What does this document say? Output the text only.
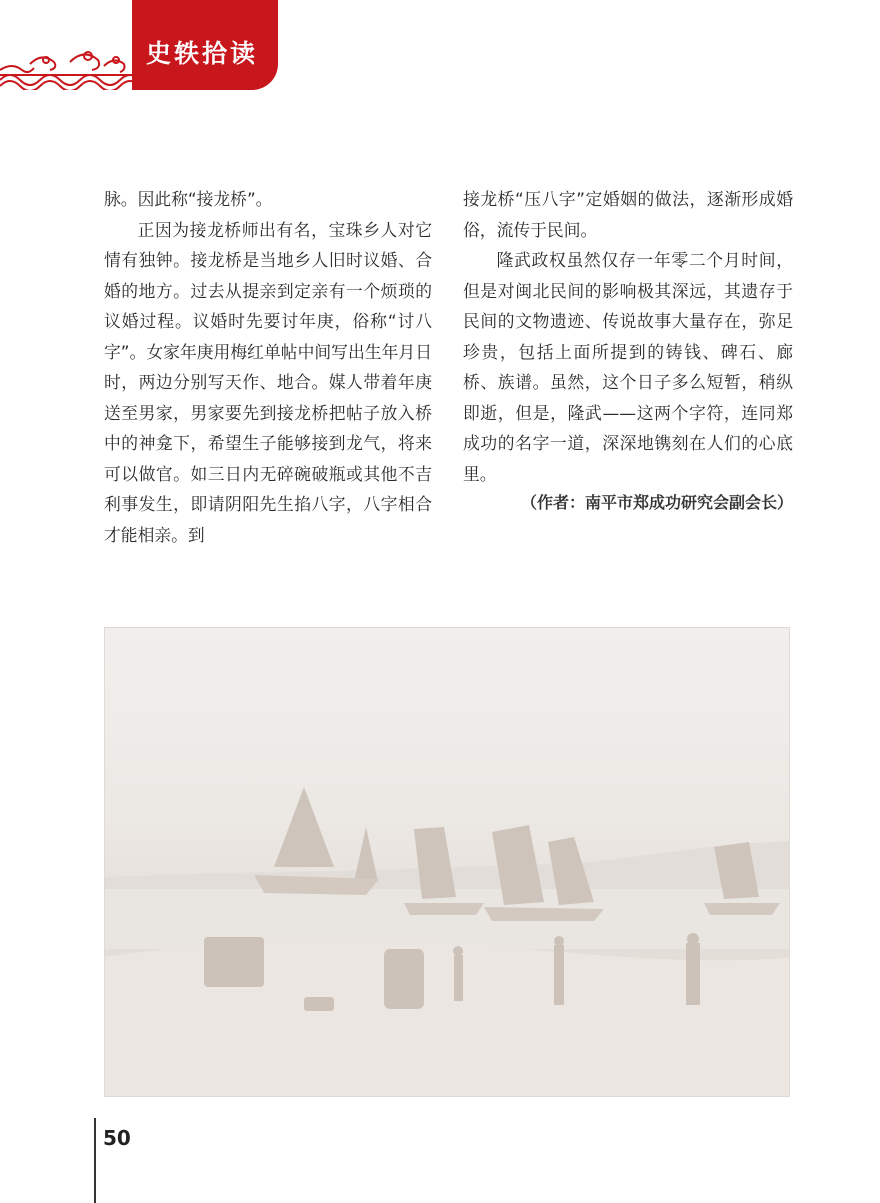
史轶拾读

脉。因此称“接龙桥”。

正因为接龙桥师出有名，宝珠乡人对它情有独钟。接龙桥是当地乡人旧时议婚、合婚的地方。过去从提亲到定亲有一个烦琐的议婚过程。议婚时先要讨年庚，俗称“讨八字”。女家年庚用梅红单帖中间写出生年月日时，两边分别写天作、地合。媒人带着年庚送至男家，男家要先到接龙桥把帖子放入桥中的神龛下，希望生子能够接到龙气，将来可以做官。如三日内无碎碗破瓶或其他不吉利事发生，即请阴阳先生掐八字，八字相合才能相亲。到

接龙桥“压八字”定婚姻的做法，逐渐形成婚俗，流传于民间。

隆武政权虽然仅存一年零二个月时间，但是对闽北民间的影响极其深远，其遗存于民间的文物遗迹、传说故事大量存在，弥足珍贵，包括上面所提到的铸钱、碑石、廊桥、族谱。虽然，这个日子多么短暂，稍纵即逝，但是，隆武——这两个字符，连同郑成功的名字一道，深深地镌刻在人们的心底里。

（作者：南平市郑成功研究会副会长）
50
